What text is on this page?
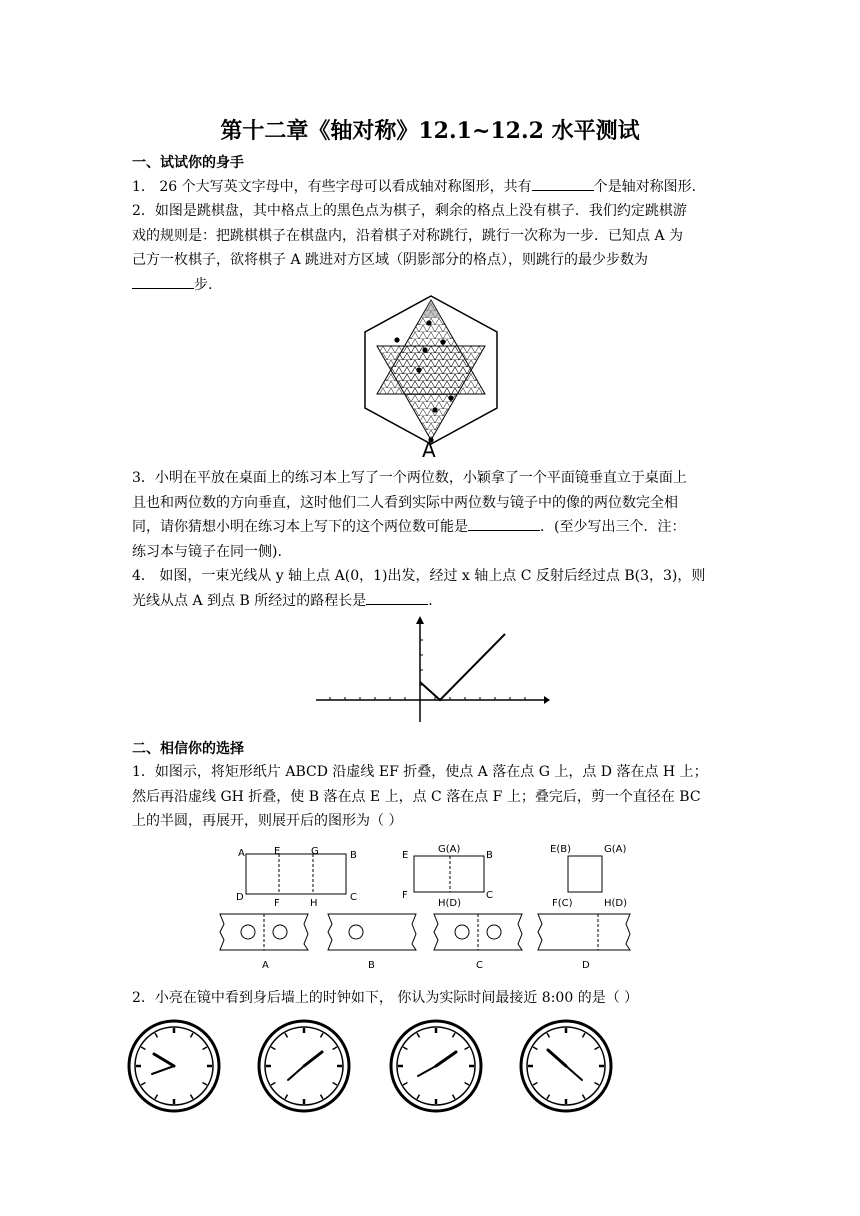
第十二章《轴对称》12.1~12.2 水平测试
一、试试你的身手
1． 26 个大写英文字母中，有些字母可以看成轴对称图形，共有	个是轴对称图形.
2．如图是跳棋盘，其中格点上的黑色点为棋子，剩余的格点上没有棋子．我们约定跳棋游
戏的规则是：把跳棋棋子在棋盘内，沿着棋子对称跳行，跳行一次称为一步．已知点 A 为
己方一枚棋子，欲将棋子 A 跳进对方区域（阴影部分的格点），则跳行的最少步数为
步.
A
3．小明在平放在桌面上的练习本上写了一个两位数，小颖拿了一个平面镜垂直立于桌面上
且也和两位数的方向垂直，这时他们二人看到实际中两位数与镜子中的像的两位数完全相
同，请你猜想小明在练习本上写下的这个两位数可能是	．(至少写出三个．注：
练习本与镜子在同一侧).
4． 如图，一束光线从 y 轴上点 A(0，1)出发，经过 x 轴上点 C 反射后经过点 B(3，3)，则
光线从点 A 到点 B 所经过的路程长是	.
二、相信你的选择
1．如图示，将矩形纸片 ABCD 沿虚线 EF 折叠，使点 A 落在点 G 上，点 D 落在点 H 上；
然后再沿虚线 GH 折叠，使 B 落在点 E 上，点 C 落在点 F 上；叠完后，剪一个直径在 BC
上的半圆，再展开，则展开后的图形为（ ）
A	E	G	B
D
F	H
C
E
G(A)
B
F
H(D)
C
E(B)	G(A)
F(C)	H(D)
A	B	C	D
2．小亮在镜中看到身后墙上的时钟如下， 你认为实际时间最接近 8:00 的是（ ）
